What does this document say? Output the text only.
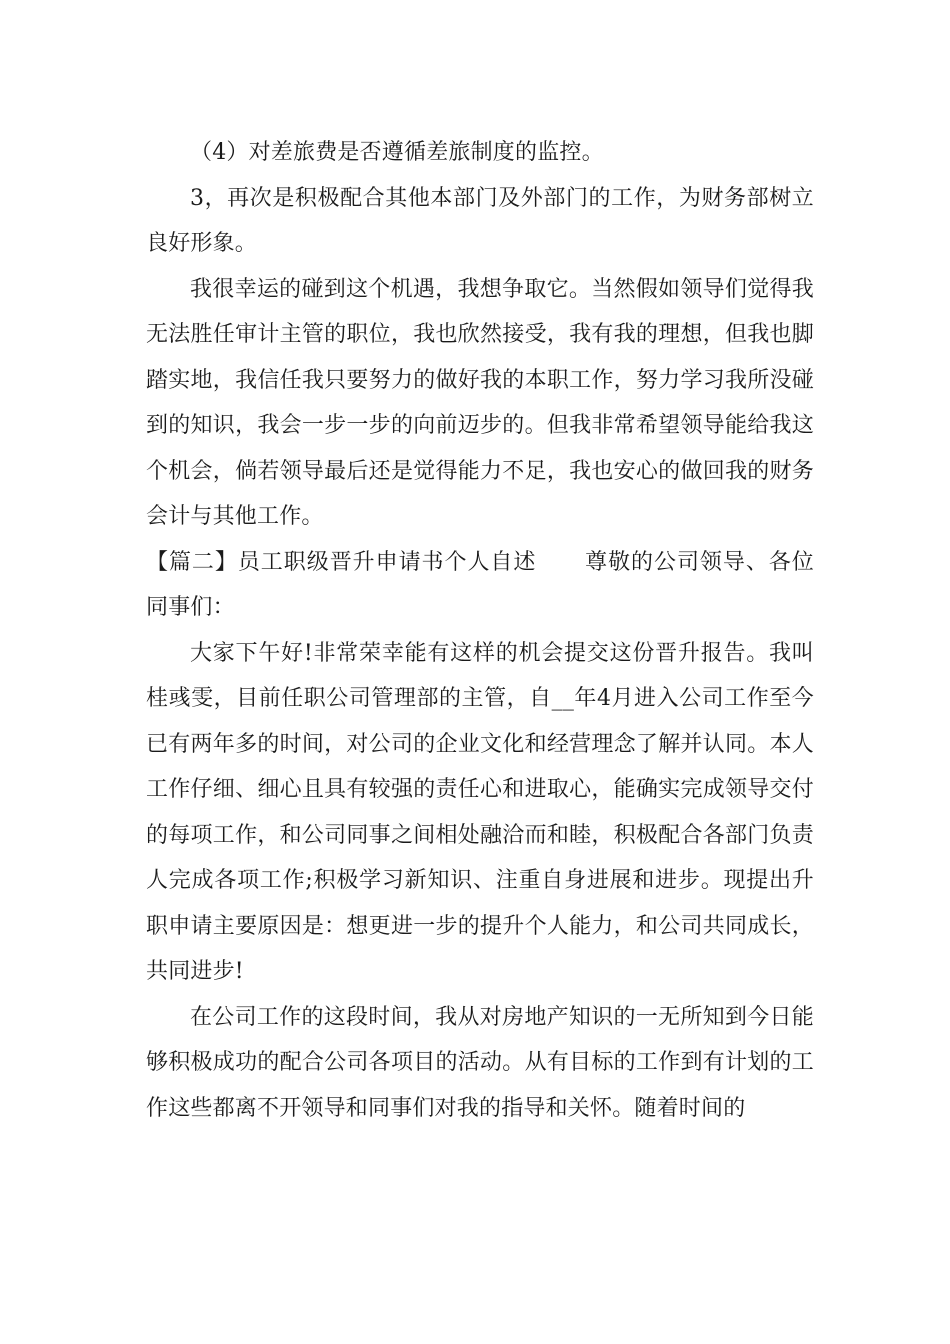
（4）对差旅费是否遵循差旅制度的监控。

3，再次是积极配合其他本部门及外部门的工作，为财务部树立良好形象。

我很幸运的碰到这个机遇，我想争取它。当然假如领导们觉得我无法胜任审计主管的职位，我也欣然接受，我有我的理想，但我也脚踏实地，我信任我只要努力的做好我的本职工作，努力学习我所没碰到的知识，我会一步一步的向前迈步的。但我非常希望领导能给我这个机会，倘若领导最后还是觉得能力不足，我也安心的做回我的财务会计与其他工作。

【篇二】员工职级晋升申请书个人自述 尊敬的公司领导、各位同事们：

大家下午好!非常荣幸能有这样的机会提交这份晋升报告。我叫桂彧雯，目前任职公司管理部的主管，自__年4月进入公司工作至今已有两年多的时间，对公司的企业文化和经营理念了解并认同。本人工作仔细、细心且具有较强的责任心和进取心，能确实完成领导交付的每项工作，和公司同事之间相处融洽而和睦，积极配合各部门负责人完成各项工作;积极学习新知识、注重自身进展和进步。现提出升职申请主要原因是：想更进一步的提升个人能力，和公司共同成长，共同进步!

在公司工作的这段时间，我从对房地产知识的一无所知到今日能够积极成功的配合公司各项目的活动。从有目标的工作到有计划的工作这些都离不开领导和同事们对我的指导和关怀。随着时间的
